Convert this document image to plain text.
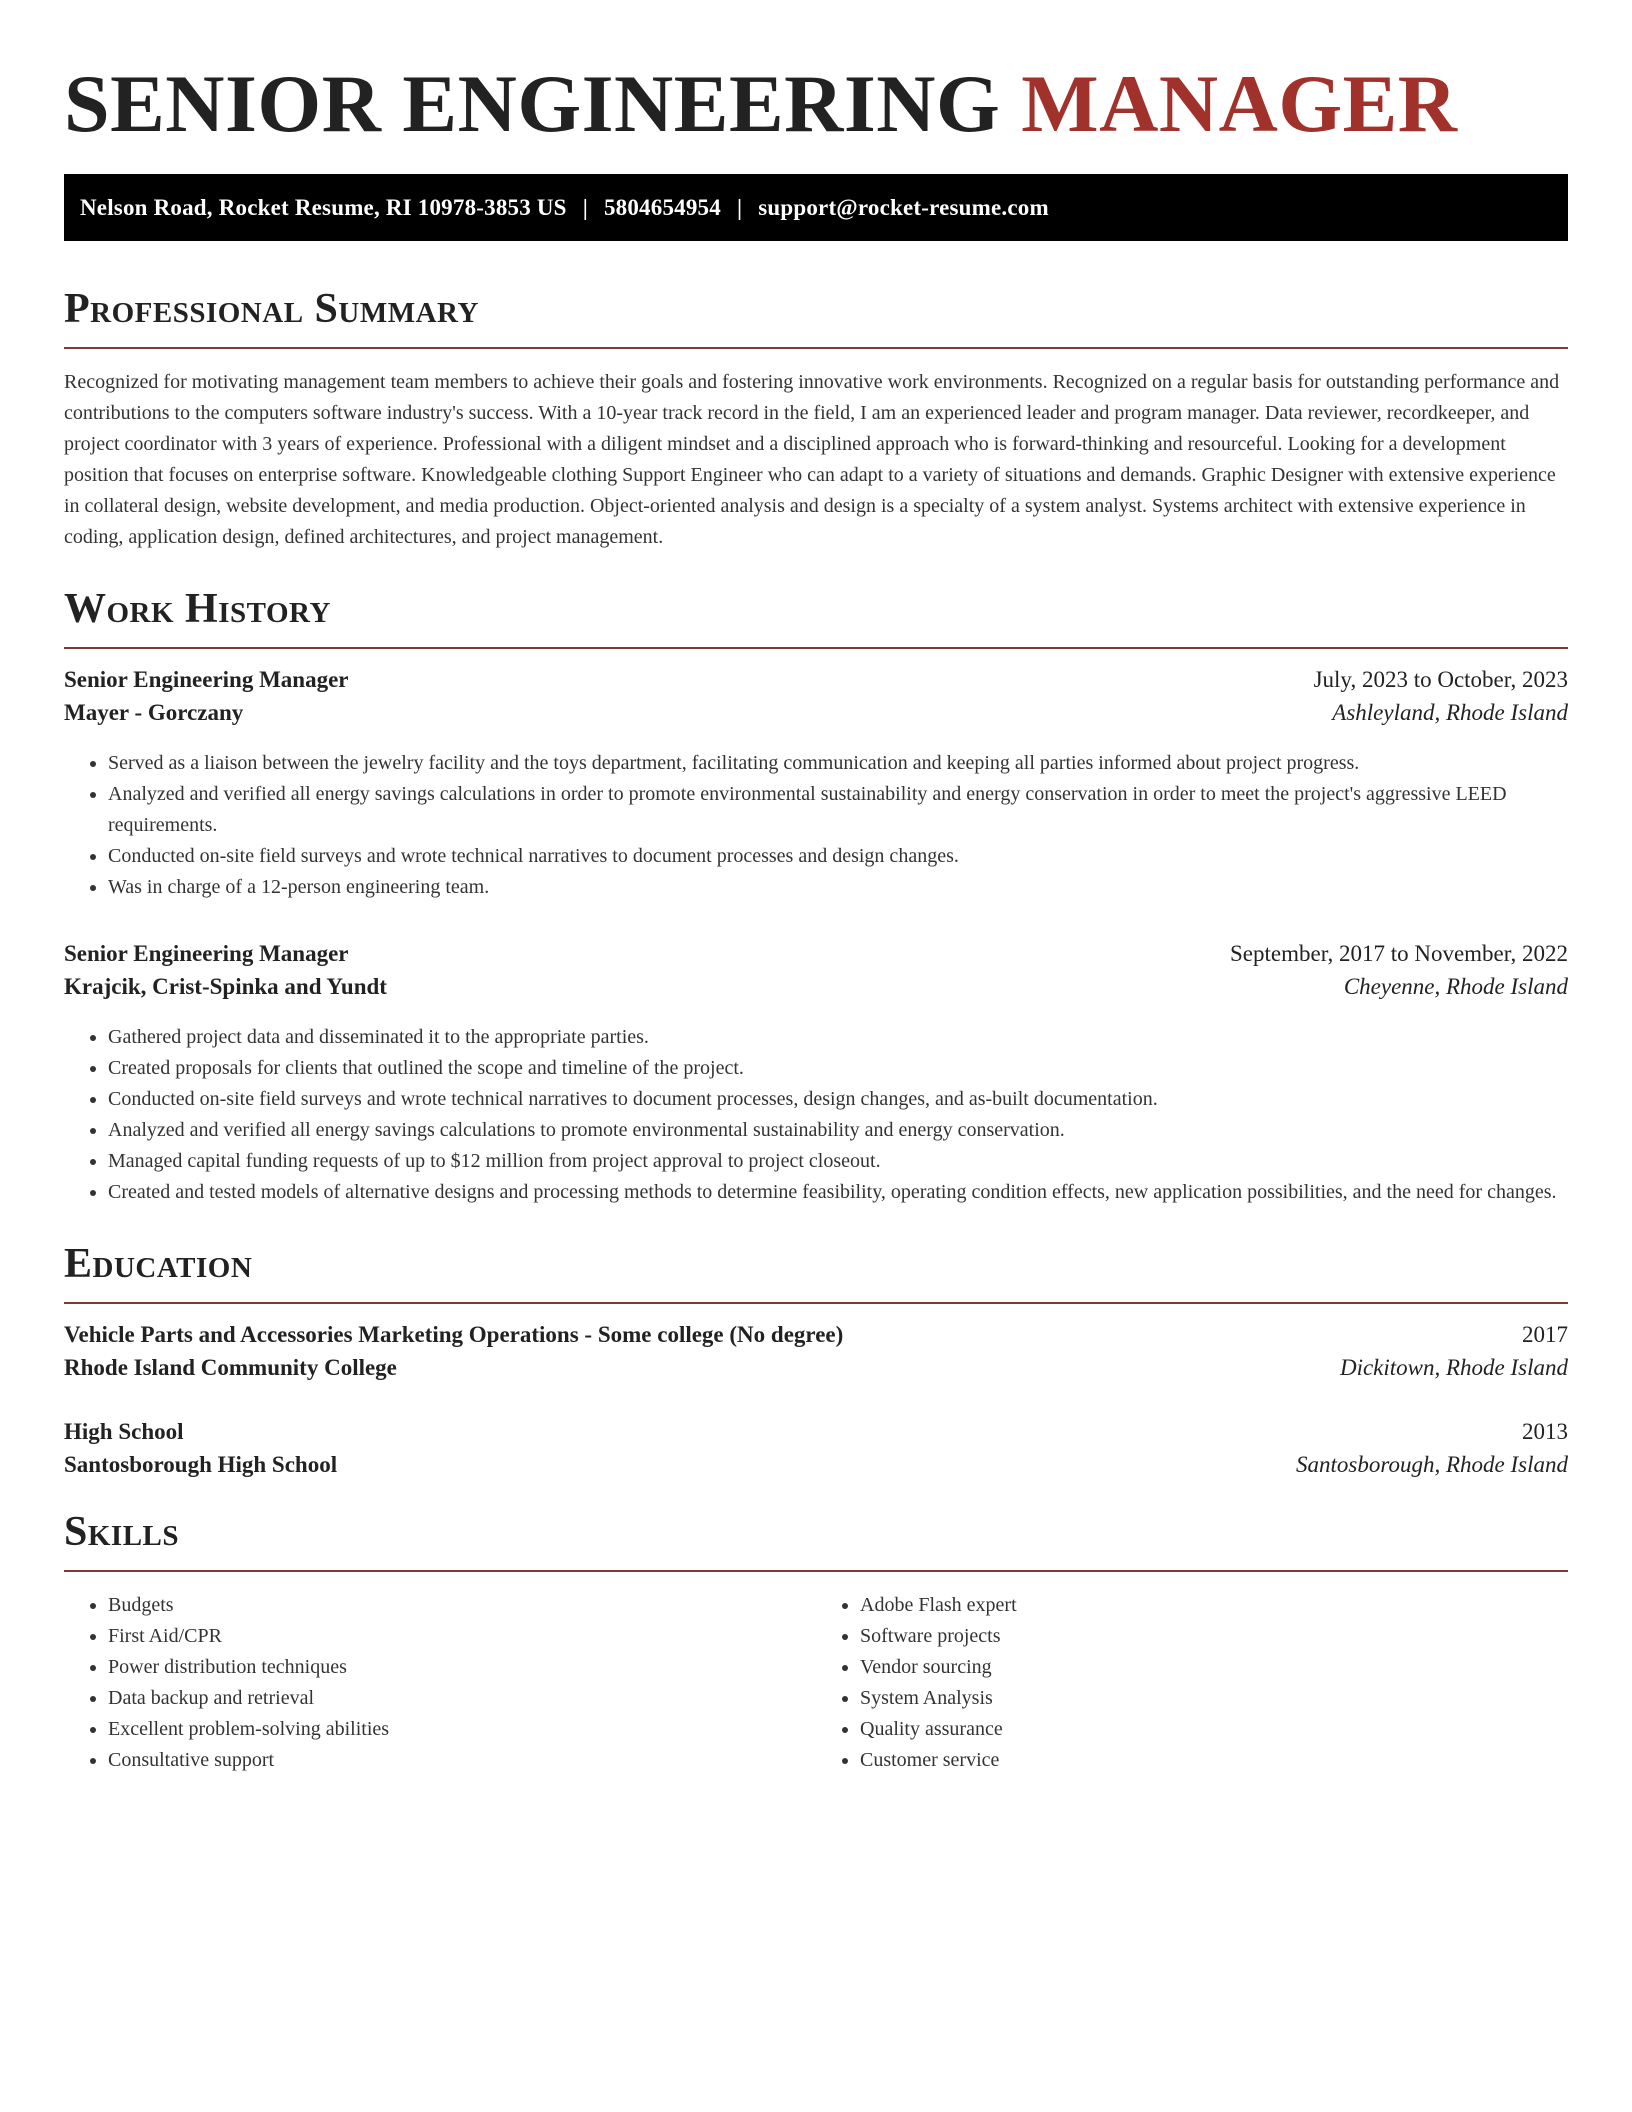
SENIOR ENGINEERING MANAGER
Nelson Road, Rocket Resume, RI 10978-3853 US | 5804654954 | support@rocket-resume.com
Professional Summary

Recognized for motivating management team members to achieve their goals and fostering innovative work environments. Recognized on a regular basis for outstanding performance and contributions to the computers software industry's success. With a 10-year track record in the field, I am an experienced leader and program manager. Data reviewer, recordkeeper, and project coordinator with 3 years of experience. Professional with a diligent mindset and a disciplined approach who is forward-thinking and resourceful. Looking for a development position that focuses on enterprise software. Knowledgeable clothing Support Engineer who can adapt to a variety of situations and demands. Graphic Designer with extensive experience in collateral design, website development, and media production. Object-oriented analysis and design is a specialty of a system analyst. Systems architect with extensive experience in coding, application design, defined architectures, and project management.

Work History
Senior Engineering Manager	July, 2023 to October, 2023
Mayer - Gorczany	Ashleyland, Rhode Island
• Served as a liaison between the jewelry facility and the toys department, facilitating communication and keeping all parties informed about project progress.
• Analyzed and verified all energy savings calculations in order to promote environmental sustainability and energy conservation in order to meet the project's aggressive LEED requirements.
• Conducted on-site field surveys and wrote technical narratives to document processes and design changes.
• Was in charge of a 12-person engineering team.
Senior Engineering Manager	September, 2017 to November, 2022
Krajcik, Crist-Spinka and Yundt	Cheyenne, Rhode Island
• Gathered project data and disseminated it to the appropriate parties.
• Created proposals for clients that outlined the scope and timeline of the project.
• Conducted on-site field surveys and wrote technical narratives to document processes, design changes, and as-built documentation.
• Analyzed and verified all energy savings calculations to promote environmental sustainability and energy conservation.
• Managed capital funding requests of up to $12 million from project approval to project closeout.
• Created and tested models of alternative designs and processing methods to determine feasibility, operating condition effects, new application possibilities, and the need for changes.
Education
Vehicle Parts and Accessories Marketing Operations - Some college (No degree)	2017
Rhode Island Community College	Dickitown, Rhode Island
High School	2013
Santosborough High School	Santosborough, Rhode Island
Skills
• Budgets
• First Aid/CPR
• Power distribution techniques
• Data backup and retrieval
• Excellent problem-solving abilities
• Consultative support
• Adobe Flash expert
• Software projects
• Vendor sourcing
• System Analysis
• Quality assurance
• Customer service
